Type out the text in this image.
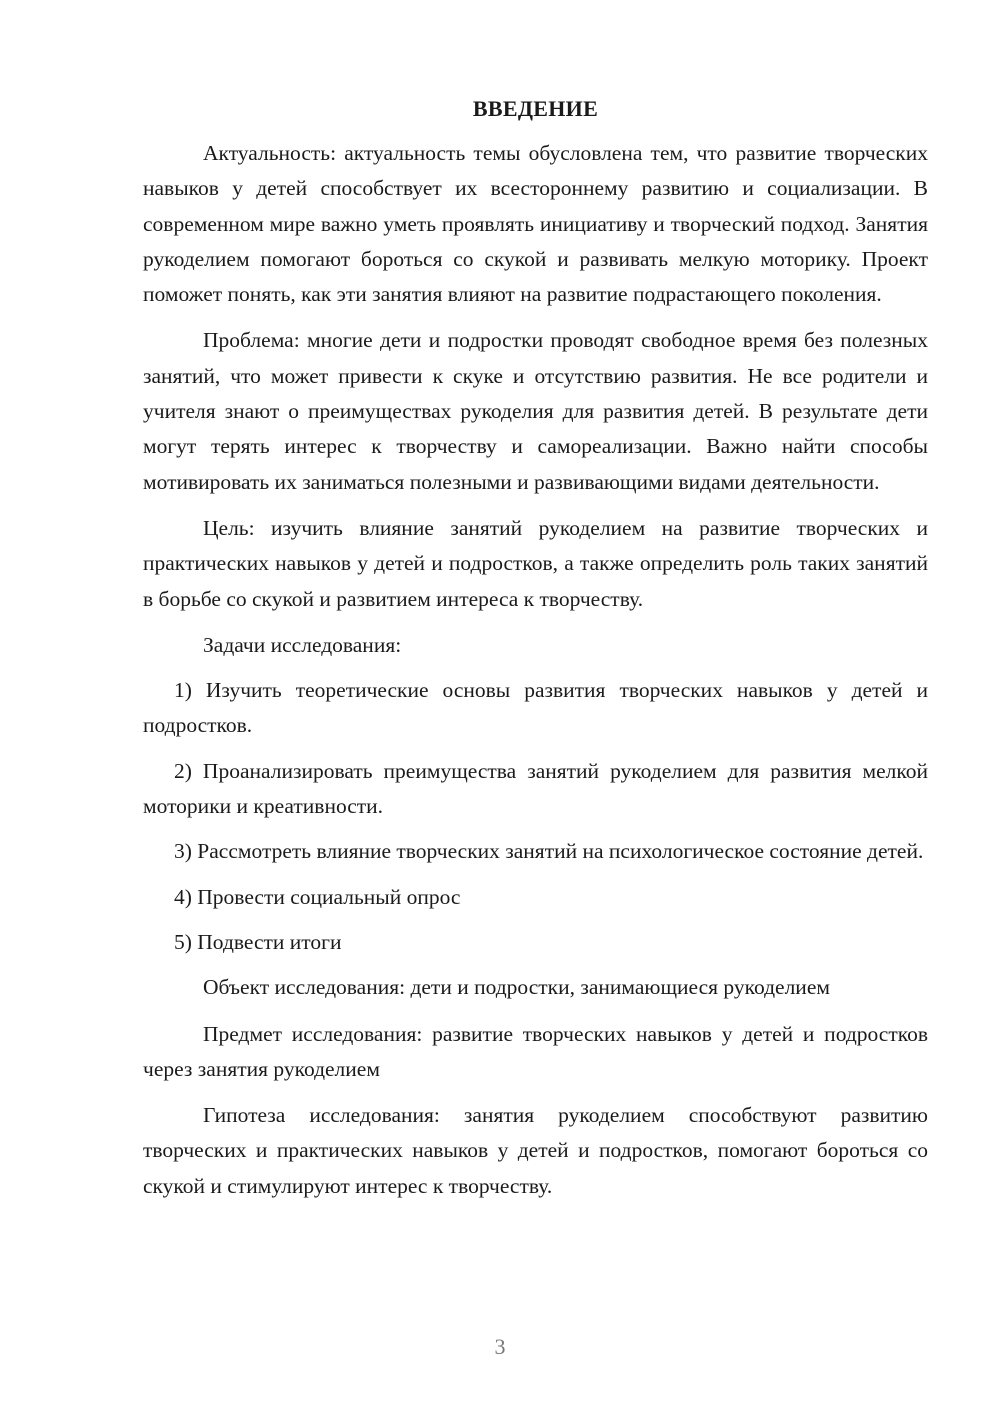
ВВЕДЕНИЕ

Актуальность: актуальность темы обусловлена тем, что развитие творческих навыков у детей способствует их всестороннему развитию и социализации. В современном мире важно уметь проявлять инициативу и творческий подход. Занятия рукоделием помогают бороться со скукой и развивать мелкую моторику. Проект поможет понять, как эти занятия влияют на развитие подрастающего поколения.

Проблема: многие дети и подростки проводят свободное время без полезных занятий, что может привести к скуке и отсутствию развития. Не все родители и учителя знают о преимуществах рукоделия для развития детей. В результате дети могут терять интерес к творчеству и самореализации. Важно найти способы мотивировать их заниматься полезными и развивающими видами деятельности.

Цель: изучить влияние занятий рукоделием на развитие творческих и практических навыков у детей и подростков, а также определить роль таких занятий в борьбе со скукой и развитием интереса к творчеству.

Задачи исследования:

1) Изучить теоретические основы развития творческих навыков у детей и подростков.

2) Проанализировать преимущества занятий рукоделием для развития мелкой моторики и креативности.

3) Рассмотреть влияние творческих занятий на психологическое состояние детей.

4) Провести социальный опрос

5) Подвести итоги

Объект исследования: дети и подростки, занимающиеся рукоделием

Предмет исследования: развитие творческих навыков у детей и подростков через занятия рукоделием

Гипотеза исследования: занятия рукоделием способствуют развитию творческих и практических навыков у детей и подростков, помогают бороться со скукой и стимулируют интерес к творчеству.

3
